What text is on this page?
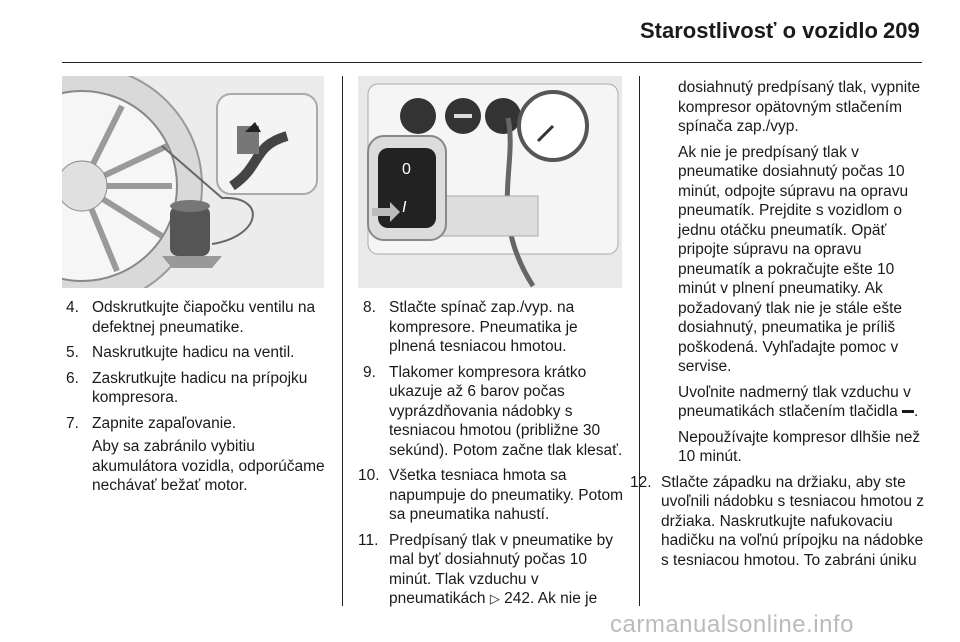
Starostlivosť o vozidlo 209
0
I
4. Odskrutkujte čiapočku ventilu na defektnej pneumatike.
5. Naskrutkujte hadicu na ventil.
6. Zaskrutkujte hadicu na prípojku kompresora.
7. Zapnite zapaľovanie.
Aby sa zabránilo vybitiu akumulátora vozidla, odporúčame nechávať bežať motor.
8. Stlačte spínač zap./vyp. na kompresore. Pneumatika je plnená tesniacou hmotou.
9. Tlakomer kompresora krátko ukazuje až 6 barov počas vyprázdňovania nádobky s tesniacou hmotou (približne 30 sekúnd). Potom začne tlak klesať.
10. Všetka tesniaca hmota sa napumpuje do pneumatiky. Potom sa pneumatika nahustí.
11. Predpísaný tlak v pneumatike by mal byť dosiahnutý počas 10 minút. Tlak vzduchu v pneumatikách ▷ 242. Ak nie je
dosiahnutý predpísaný tlak, vypnite kompresor opätovným stlačením spínača zap./vyp.
Ak nie je predpísaný tlak v pneumatike dosiahnutý počas 10 minút, odpojte súpravu na opravu pneumatík. Prejdite s vozidlom o jednu otáčku pneumatík. Opäť pripojte súpravu na opravu pneumatík a pokračujte ešte 10 minút v plnení pneumatiky. Ak požadovaný tlak nie je stále ešte dosiahnutý, pneumatika je príliš poškodená. Vyhľadajte pomoc v servise.
Uvoľnite nadmerný tlak vzduchu v pneumatikách stlačením tlačidla .
Nepoužívajte kompresor dlhšie než 10 minút.
12. Stlačte západku na držiaku, aby ste uvoľnili nádobku s tesniacou hmotou z držiaka. Naskrutkujte nafukovaciu hadičku na voľnú prípojku na nádobke s tesniacou hmotou. To zabráni úniku
carmanualsonline.info
